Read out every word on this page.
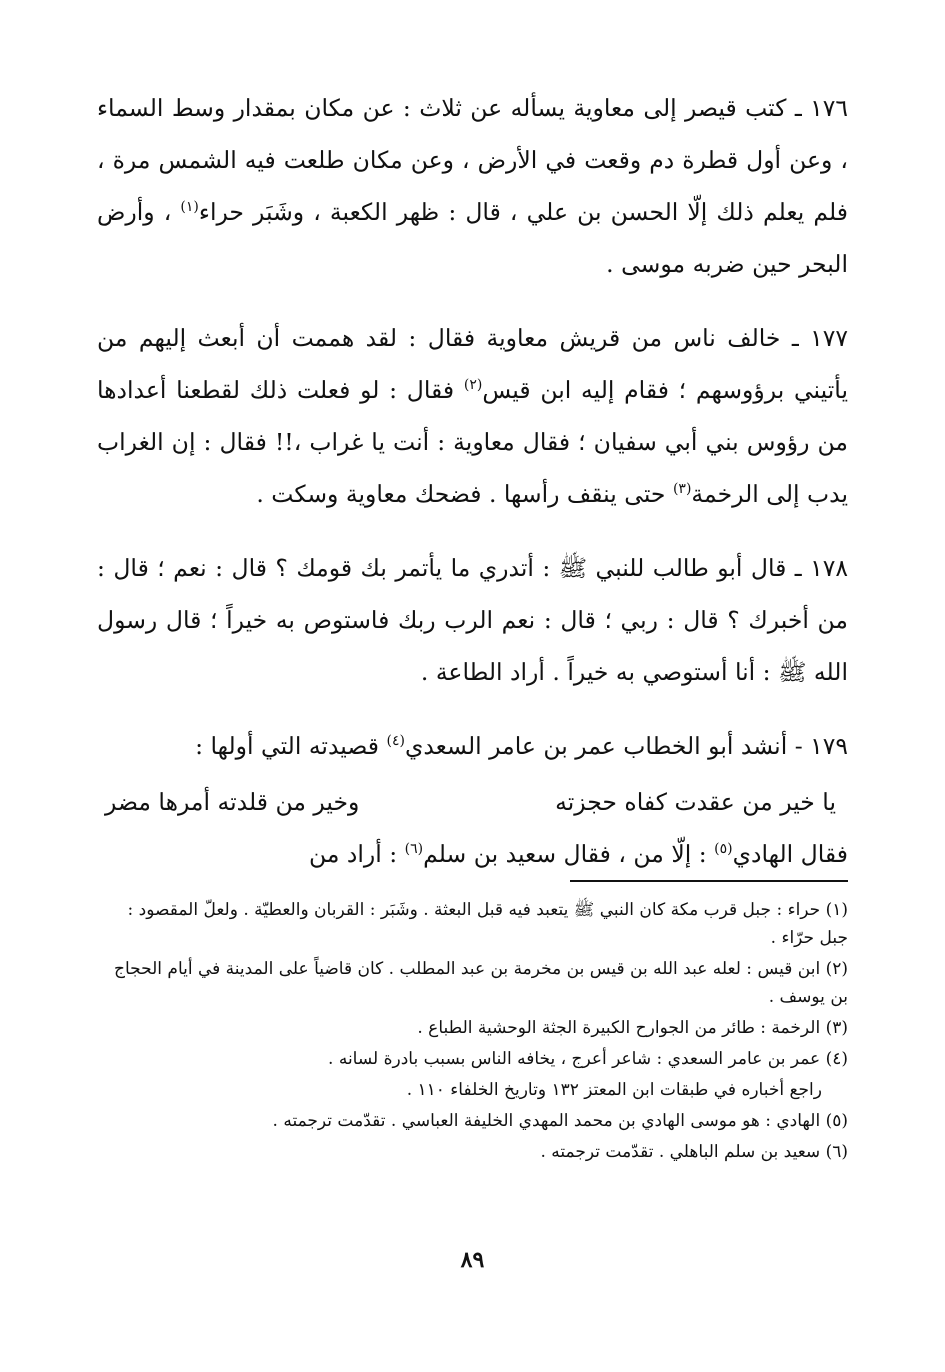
١٧٦ ـ كتب قيصر إلى معاوية يسأله عن ثلاث : عن مكان بمقدار وسط السماء ، وعن أول قطرة دم وقعت في الأرض ، وعن مكان طلعت فيه الشمس مرة ، فلم يعلم ذلك إلّا الحسن بن علي ، قال : ظهر الكعبة ، وشَبَر حراء$^{(١)}$ ، وأرض البحر حين ضربه موسى .

١٧٧ ـ خالف ناس من قريش معاوية فقال : لقد هممت أن أبعث إليهم من يأتيني برؤوسهم ؛ فقام إليه ابن قيس$^{(٢)}$ فقال : لو فعلت ذلك لقطعنا أعدادها من رؤوس بني أبي سفيان ؛ فقال معاوية : أنت يا غراب ،!! فقال : إن الغراب يدب إلى الرخمة$^{(٣)}$ حتى ينقف رأسها . فضحك معاوية وسكت .

١٧٨ ـ قال أبو طالب للنبي ﷺ : أتدري ما يأتمر بك قومك ؟ قال : نعم ؛ قال : من أخبرك ؟ قال : ربي ؛ قال : نعم الرب ربك فاستوص به خيراً ؛ قال رسول الله ﷺ : أنا أستوصي به خيراً . أراد الطاعة .

١٧٩ - أنشد أبو الخطاب عمر بن عامر السعدي$^{(٤)}$ قصيدته التي أولها :

يا خير من عقدت كفاه حجزته
وخير من قلدته أمرها مضر

فقال الهادي$^{(٥)}$ : إلّا من ، فقال سعيد بن سلم$^{(٦)}$ : أراد من

(١) حراء : جبل قرب مكة كان النبي ﷺ يتعبد فيه قبل البعثة . وشَبَر : القربان والعطيّة . ولعلّ المقصود : جبل حرّاء .

(٢) ابن قيس : لعله عبد الله بن قيس بن مخرمة بن عبد المطلب . كان قاضياً على المدينة في أيام الحجاج بن يوسف .

(٣) الرخمة : طائر من الجوارح الكبيرة الجثة الوحشية الطباع .

(٤) عمر بن عامر السعدي : شاعر أعرج ، يخافه الناس بسبب بادرة لسانه .

راجع أخباره في طبقات ابن المعتز ١٣٢ وتاريخ الخلفاء ١١٠ .

(٥) الهادي : هو موسى الهادي بن محمد المهدي الخليفة العباسي . تقدّمت ترجمته .

(٦) سعيد بن سلم الباهلي . تقدّمت ترجمته .

٨٩
